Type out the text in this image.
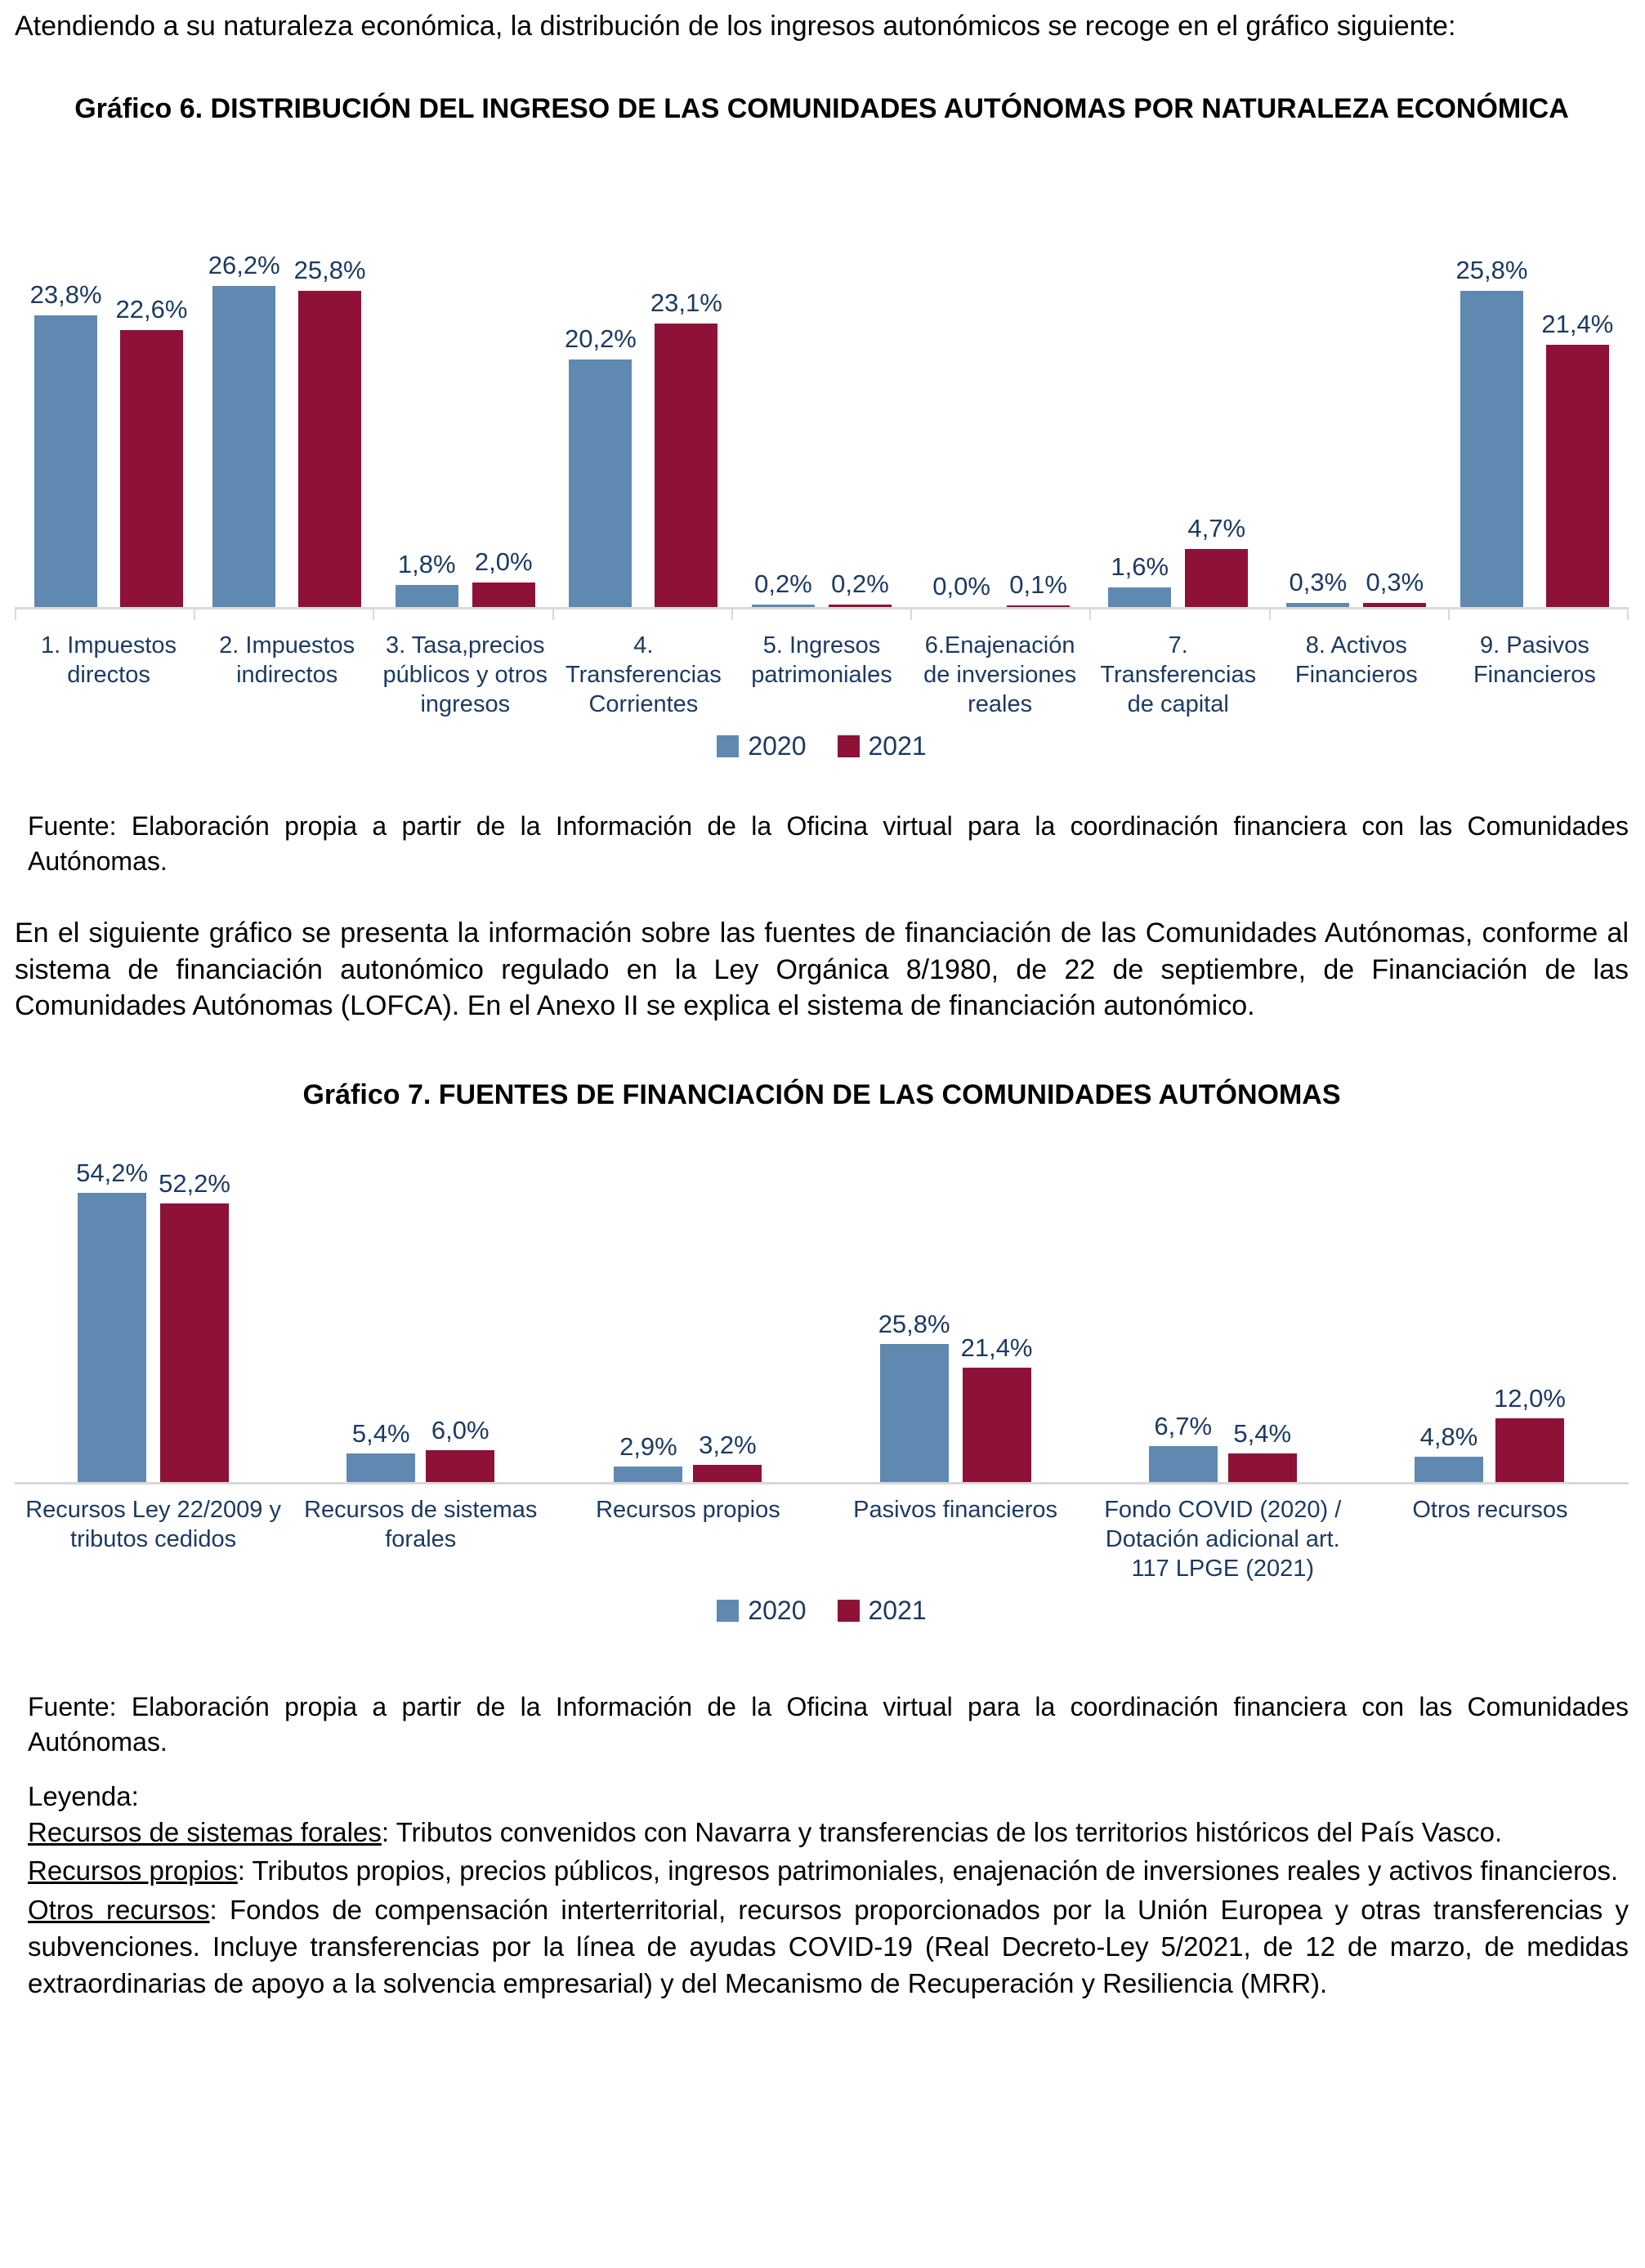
Atendiendo a su naturaleza económica, la distribución de los ingresos autonómicos se recoge en el gráfico siguiente:

Gráfico 6. DISTRIBUCIÓN DEL INGRESO DE LAS COMUNIDADES AUTÓNOMAS POR NATURALEZA ECONÓMICA
23,8%
22,6%
26,2% 25,8%
1,8% 2,0%
20,2%
23,1%
0,2% 0,2% 0,0% 0,1%
1,6%
4,7%
0,3% 0,3%
25,8%
21,4%
1. Impuestos directos
2. Impuestos indirectos
3. Tasa,precios públicos y otros ingresos
4. Transferencias Corrientes
5. Ingresos patrimoniales
6.Enajenación de inversiones reales
7. Transferencias de capital
8. Activos Financieros
9. Pasivos Financieros
2020 2021

Fuente: Elaboración propia a partir de la Información de la Oficina virtual para la coordinación financiera con las Comunidades Autónomas.

En el siguiente gráfico se presenta la información sobre las fuentes de financiación de las Comunidades Autónomas, conforme al sistema de financiación autonómico regulado en la Ley Orgánica 8/1980, de 22 de septiembre, de Financiación de las Comunidades Autónomas (LOFCA). En el Anexo II se explica el sistema de financiación autonómico.

Gráfico 7. FUENTES DE FINANCIACIÓN DE LAS COMUNIDADES AUTÓNOMAS
54,2% 52,2%
5,4% 6,0%
2,9% 3,2%
25,8%
21,4%
6,7% 5,4%	4,8%
12,0%
Recursos Ley 22/2009 y tributos cedidos
Recursos de sistemas forales
Recursos propios	Pasivos financieros	Fondo COVID (2020) / Dotación adicional art. 117 LPGE (2021)
Otros recursos
2020 2021

Fuente: Elaboración propia a partir de la Información de la Oficina virtual para la coordinación financiera con las Comunidades Autónomas.

Leyenda:

Recursos de sistemas forales: Tributos convenidos con Navarra y transferencias de los territorios históricos del País Vasco.

Recursos propios: Tributos propios, precios públicos, ingresos patrimoniales, enajenación de inversiones reales y activos financieros.

Otros recursos: Fondos de compensación interterritorial, recursos proporcionados por la Unión Europea y otras transferencias y subvenciones. Incluye transferencias por la línea de ayudas COVID-19 (Real Decreto-Ley 5/2021, de 12 de marzo, de medidas extraordinarias de apoyo a la solvencia empresarial) y del Mecanismo de Recuperación y Resiliencia (MRR).
